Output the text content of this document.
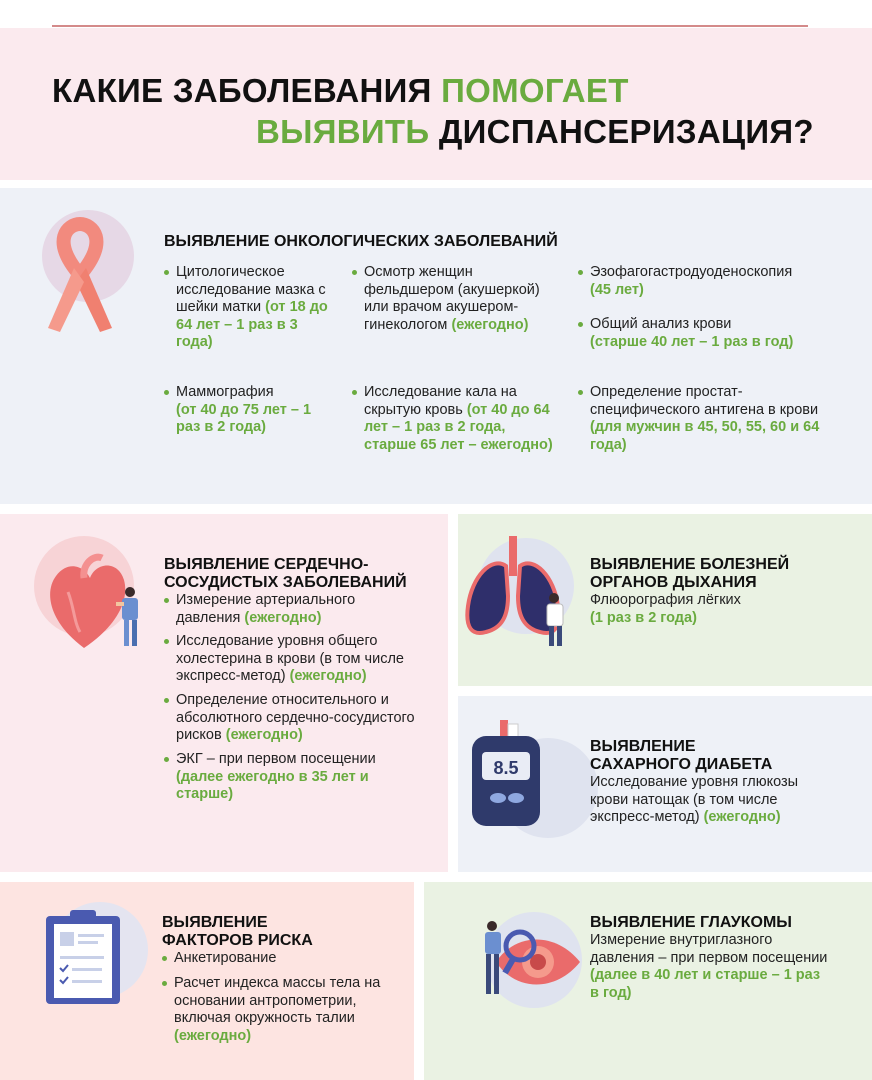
КАКИЕ ЗАБОЛЕВАНИЯ ПОМОГАЕТ
ВЫЯВИТЬ ДИСПАНСЕРИЗАЦИЯ?
ВЫЯВЛЕНИЕ ОНКОЛОГИЧЕСКИХ ЗАБОЛЕВАНИЙ
Цитологическое исследование мазка с шейки матки (от 18 до 64 лет – 1 раз в 3 года)
Осмотр женщин фельдшером (акушеркой) или врачом акушером-гинекологом (ежегодно)
Эзофагогастродуоденоскопия
(45 лет)
Общий анализ крови
(старше 40 лет – 1 раз в год)
Маммография
(от 40 до 75 лет – 1 раз в 2 года)
Исследование кала на скрытую кровь (от 40 до 64 лет – 1 раз в 2 года, старше 65 лет – ежегодно)
Определение простат-специфического антигена в крови (для мужчин в 45, 50, 55, 60 и 64 года)
ВЫЯВЛЕНИЕ СЕРДЕЧНО-
СОСУДИСТЫХ ЗАБОЛЕВАНИЙ
Измерение артериального давления (ежегодно)
Исследование уровня общего холестерина в крови (в том числе экспресс-метод) (ежегодно)
Определение относительного и абсолютного сердечно-сосудистого рисков (ежегодно)
ЭКГ – при первом посещении
(далее ежегодно в 35 лет и старше)
ВЫЯВЛЕНИЕ БОЛЕЗНЕЙ
ОРГАНОВ ДЫХАНИЯ
Флюорография лёгких
(1 раз в 2 года)
8.5
ВЫЯВЛЕНИЕ
САХАРНОГО ДИАБЕТА
Исследование уровня глюкозы крови натощак (в том числе экспресс-метод) (ежегодно)
ВЫЯВЛЕНИЕ
ФАКТОРОВ РИСКА
Анкетирование
Расчет индекса массы тела на основании антропометрии, включая окружность талии (ежегодно)
ВЫЯВЛЕНИЕ ГЛАУКОМЫ
Измерение внутриглазного давления – при первом посещении (далее в 40 лет и старше – 1 раз в год)
